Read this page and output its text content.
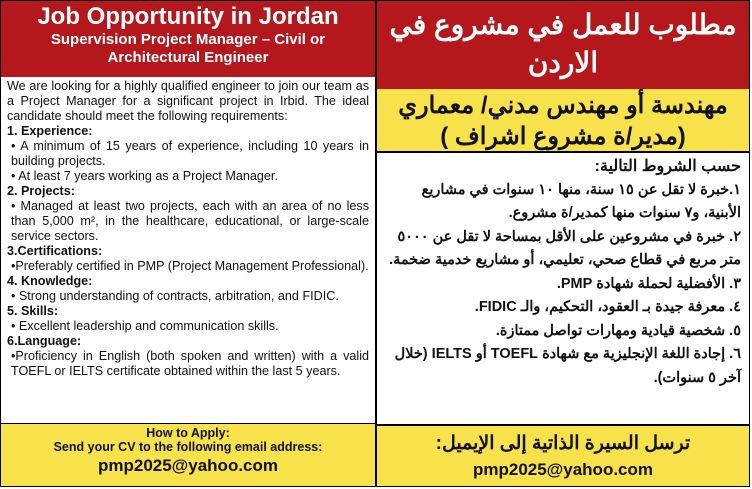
Job Opportunity in Jordan
Supervision Project Manager – Civil or Architectural Engineer
We are looking for a highly qualified engineer to join our team as a Project Manager for a significant project in Irbid. The ideal candidate should meet the following requirements:
1. Experience:
• A minimum of 15 years of experience, including 10 years in building projects.
• At least 7 years working as a Project Manager.
2. Projects:
• Managed at least two projects, each with an area of no less than 5,000 m², in the healthcare, educational, or large-scale service sectors.
3.Certifications:
•Preferably certified in PMP (Project Management Professional).
4. Knowledge:
• Strong understanding of contracts, arbitration, and FIDIC.
5. Skills:
• Excellent leadership and communication skills.
6.Language:
•Proficiency in English (both spoken and written) with a valid TOEFL or IELTS certificate obtained within the last 5 years.
How to Apply:
Send your CV to the following email address:
pmp2025@yahoo.com
مطلوب للعمل في مشروع في الاردن
مهندسة أو مهندس مدني/ معماري (مدير/ة مشروع اشراف )
حسب الشروط التالية:
١.خبرة لا تقل عن ١٥ سنة، منها ١٠ سنوات في مشاريع الأبنية، و٧ سنوات منها كمدير/ة مشروع.
٢. خبرة في مشروعين على الأقل بمساحة لا تقل عن ٥٠٠٠ متر مربع في قطاع صحي، تعليمي، أو مشاريع خدمية ضخمة.
٣. الأفضلية لحملة شهادة PMP.
٤. معرفة جيدة بـ العقود، التحكيم، والـ FIDIC.
٥. شخصية قيادية ومهارات تواصل ممتازة.
٦. إجادة اللغة الإنجليزية مع شهادة TOEFL أو IELTS (خلال آخر ٥ سنوات).
ترسل السيرة الذاتية إلى الإيميل:
pmp2025@yahoo.com
